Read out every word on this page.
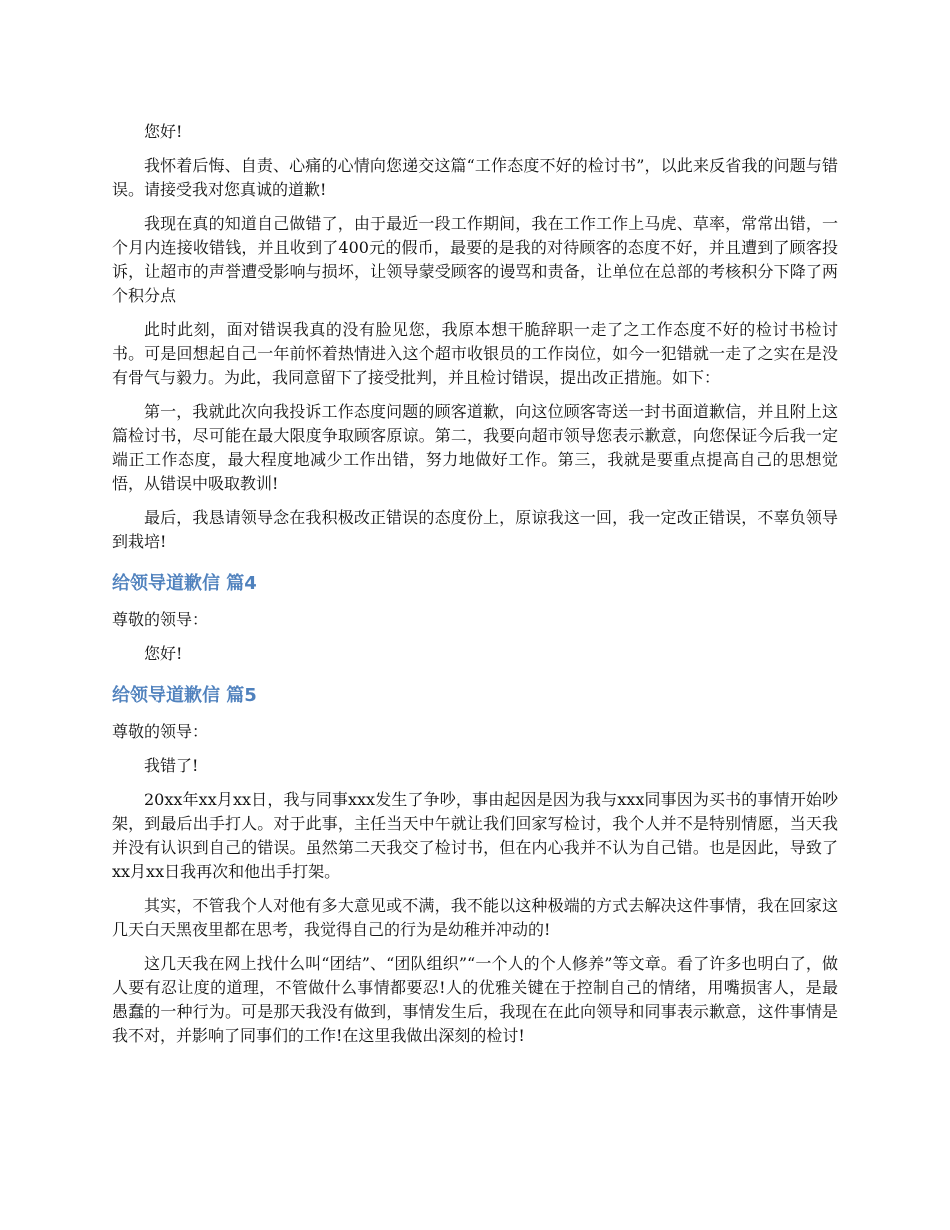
您好!

我怀着后悔、自责、心痛的心情向您递交这篇“工作态度不好的检讨书”，以此来反省我的问题与错误。请接受我对您真诚的道歉!

我现在真的知道自己做错了，由于最近一段工作期间，我在工作工作上马虎、草率，常常出错，一个月内连接收错钱，并且收到了400元的假币，最要的是我的对待顾客的态度不好，并且遭到了顾客投诉，让超市的声誉遭受影响与损坏，让领导蒙受顾客的谩骂和责备，让单位在总部的考核积分下降了两个积分点

此时此刻，面对错误我真的没有脸见您，我原本想干脆辞职一走了之工作态度不好的检讨书检讨书。可是回想起自己一年前怀着热情进入这个超市收银员的工作岗位，如今一犯错就一走了之实在是没有骨气与毅力。为此，我同意留下了接受批判，并且检讨错误，提出改正措施。如下：

第一，我就此次向我投诉工作态度问题的顾客道歉，向这位顾客寄送一封书面道歉信，并且附上这篇检讨书，尽可能在最大限度争取顾客原谅。第二，我要向超市领导您表示歉意，向您保证今后我一定端正工作态度，最大程度地减少工作出错，努力地做好工作。第三，我就是要重点提高自己的思想觉悟，从错误中吸取教训!

最后，我恳请领导念在我积极改正错误的态度份上，原谅我这一回，我一定改正错误，不辜负领导到栽培!

给领导道歉信 篇4

尊敬的领导：

您好!

给领导道歉信 篇5

尊敬的领导：

我错了!

20xx年xx月xx日，我与同事xxx发生了争吵，事由起因是因为我与xxx同事因为买书的事情开始吵架，到最后出手打人。对于此事，主任当天中午就让我们回家写检讨，我个人并不是特别情愿，当天我并没有认识到自己的错误。虽然第二天我交了检讨书，但在内心我并不认为自己错。也是因此，导致了xx月xx日我再次和他出手打架。

其实，不管我个人对他有多大意见或不满，我不能以这种极端的方式去解决这件事情，我在回家这几天白天黑夜里都在思考，我觉得自己的行为是幼稚并冲动的!

这几天我在网上找什么叫“团结”、“团队组织”“一个人的个人修养”等文章。看了许多也明白了，做人要有忍让度的道理，不管做什么事情都要忍!人的优雅关键在于控制自己的情绪，用嘴损害人，是最愚蠢的一种行为。可是那天我没有做到，事情发生后，我现在在此向领导和同事表示歉意，这件事情是我不对，并影响了同事们的工作!在这里我做出深刻的检讨!
